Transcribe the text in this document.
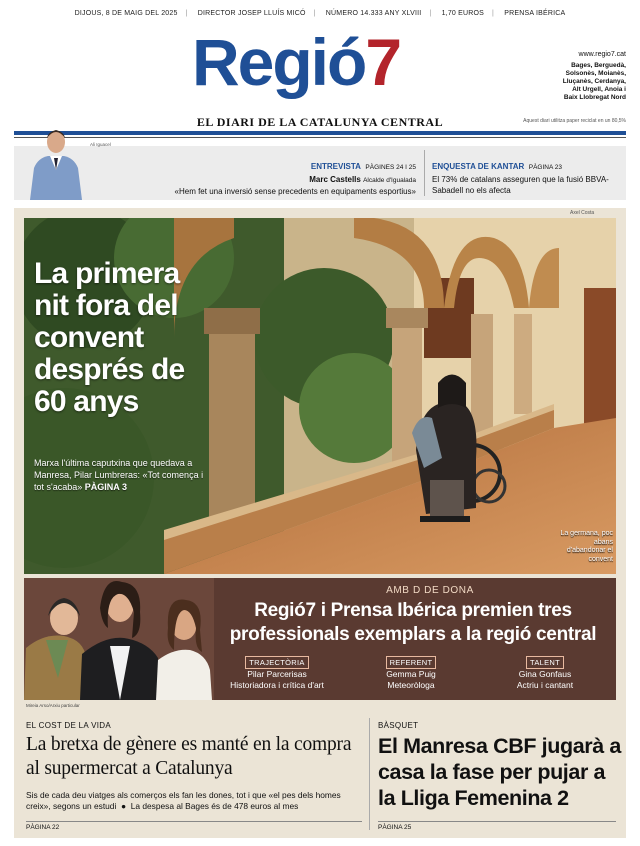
DIJOUS, 8 DE MAIG DEL 2025 | DIRECTOR JOSEP LLUÍS MICÓ | NÚMERO 14.333 ANY XLVIII | 1,70 EUROS | PRENSA IBÉRICA
Regió7
EL DIARI DE LA CATALUNYA CENTRAL
www.regio7.cat
Bages, Berguedà,
Solsonès, Moianès,
Lluçanès, Cerdanya,
Alt Urgell, Anoia i
Baix Llobregat Nord
Aquest diari utilitza paper reciclat en un 80,5%
Ali Iguacel
ENTREVISTA PÀGINES 24 I 25
Marc Castells Alcalde d'Igualada
«Hem fet una inversió sense precedents en equipaments esportius»
ENQUESTA DE KANTAR PÀGINA 23
El 73% de catalans asseguren que la fusió BBVA-Sabadell no els afecta
Axel Costa
La primera nit fora del convent després de 60 anys
Marxa l'última caputxina que quedava a Manresa, Pilar Lumbreras: «Tot comença i tot s'acaba» PÀGINA 3
La germana, poc abans d'abandonar el convent
AMB D DE DONA
Regió7 i Prensa Ibérica premien tres professionals exemplars a la regió central
TRAJECTÒRIA
Pilar Parcerisas
Historiadora i crítica d'art
REFERENT
Gemma Puig
Meteoròloga
TALENT
Gina Gonfaus
Actriu i cantant
Mireia Arso/Arxiu particular
EL COST DE LA VIDA
La bretxa de gènere es manté en la compra al supermercat a Catalunya
Sis de cada deu viatges als comerços els fan les dones, tot i que «el pes dels homes creix», segons un estudi  ●  La despesa al Bages és de 478 euros al mes
PÀGINA 22
BÀSQUET
El Manresa CBF jugarà a casa la fase per pujar a la Lliga Femenina 2
PÀGINA 25
